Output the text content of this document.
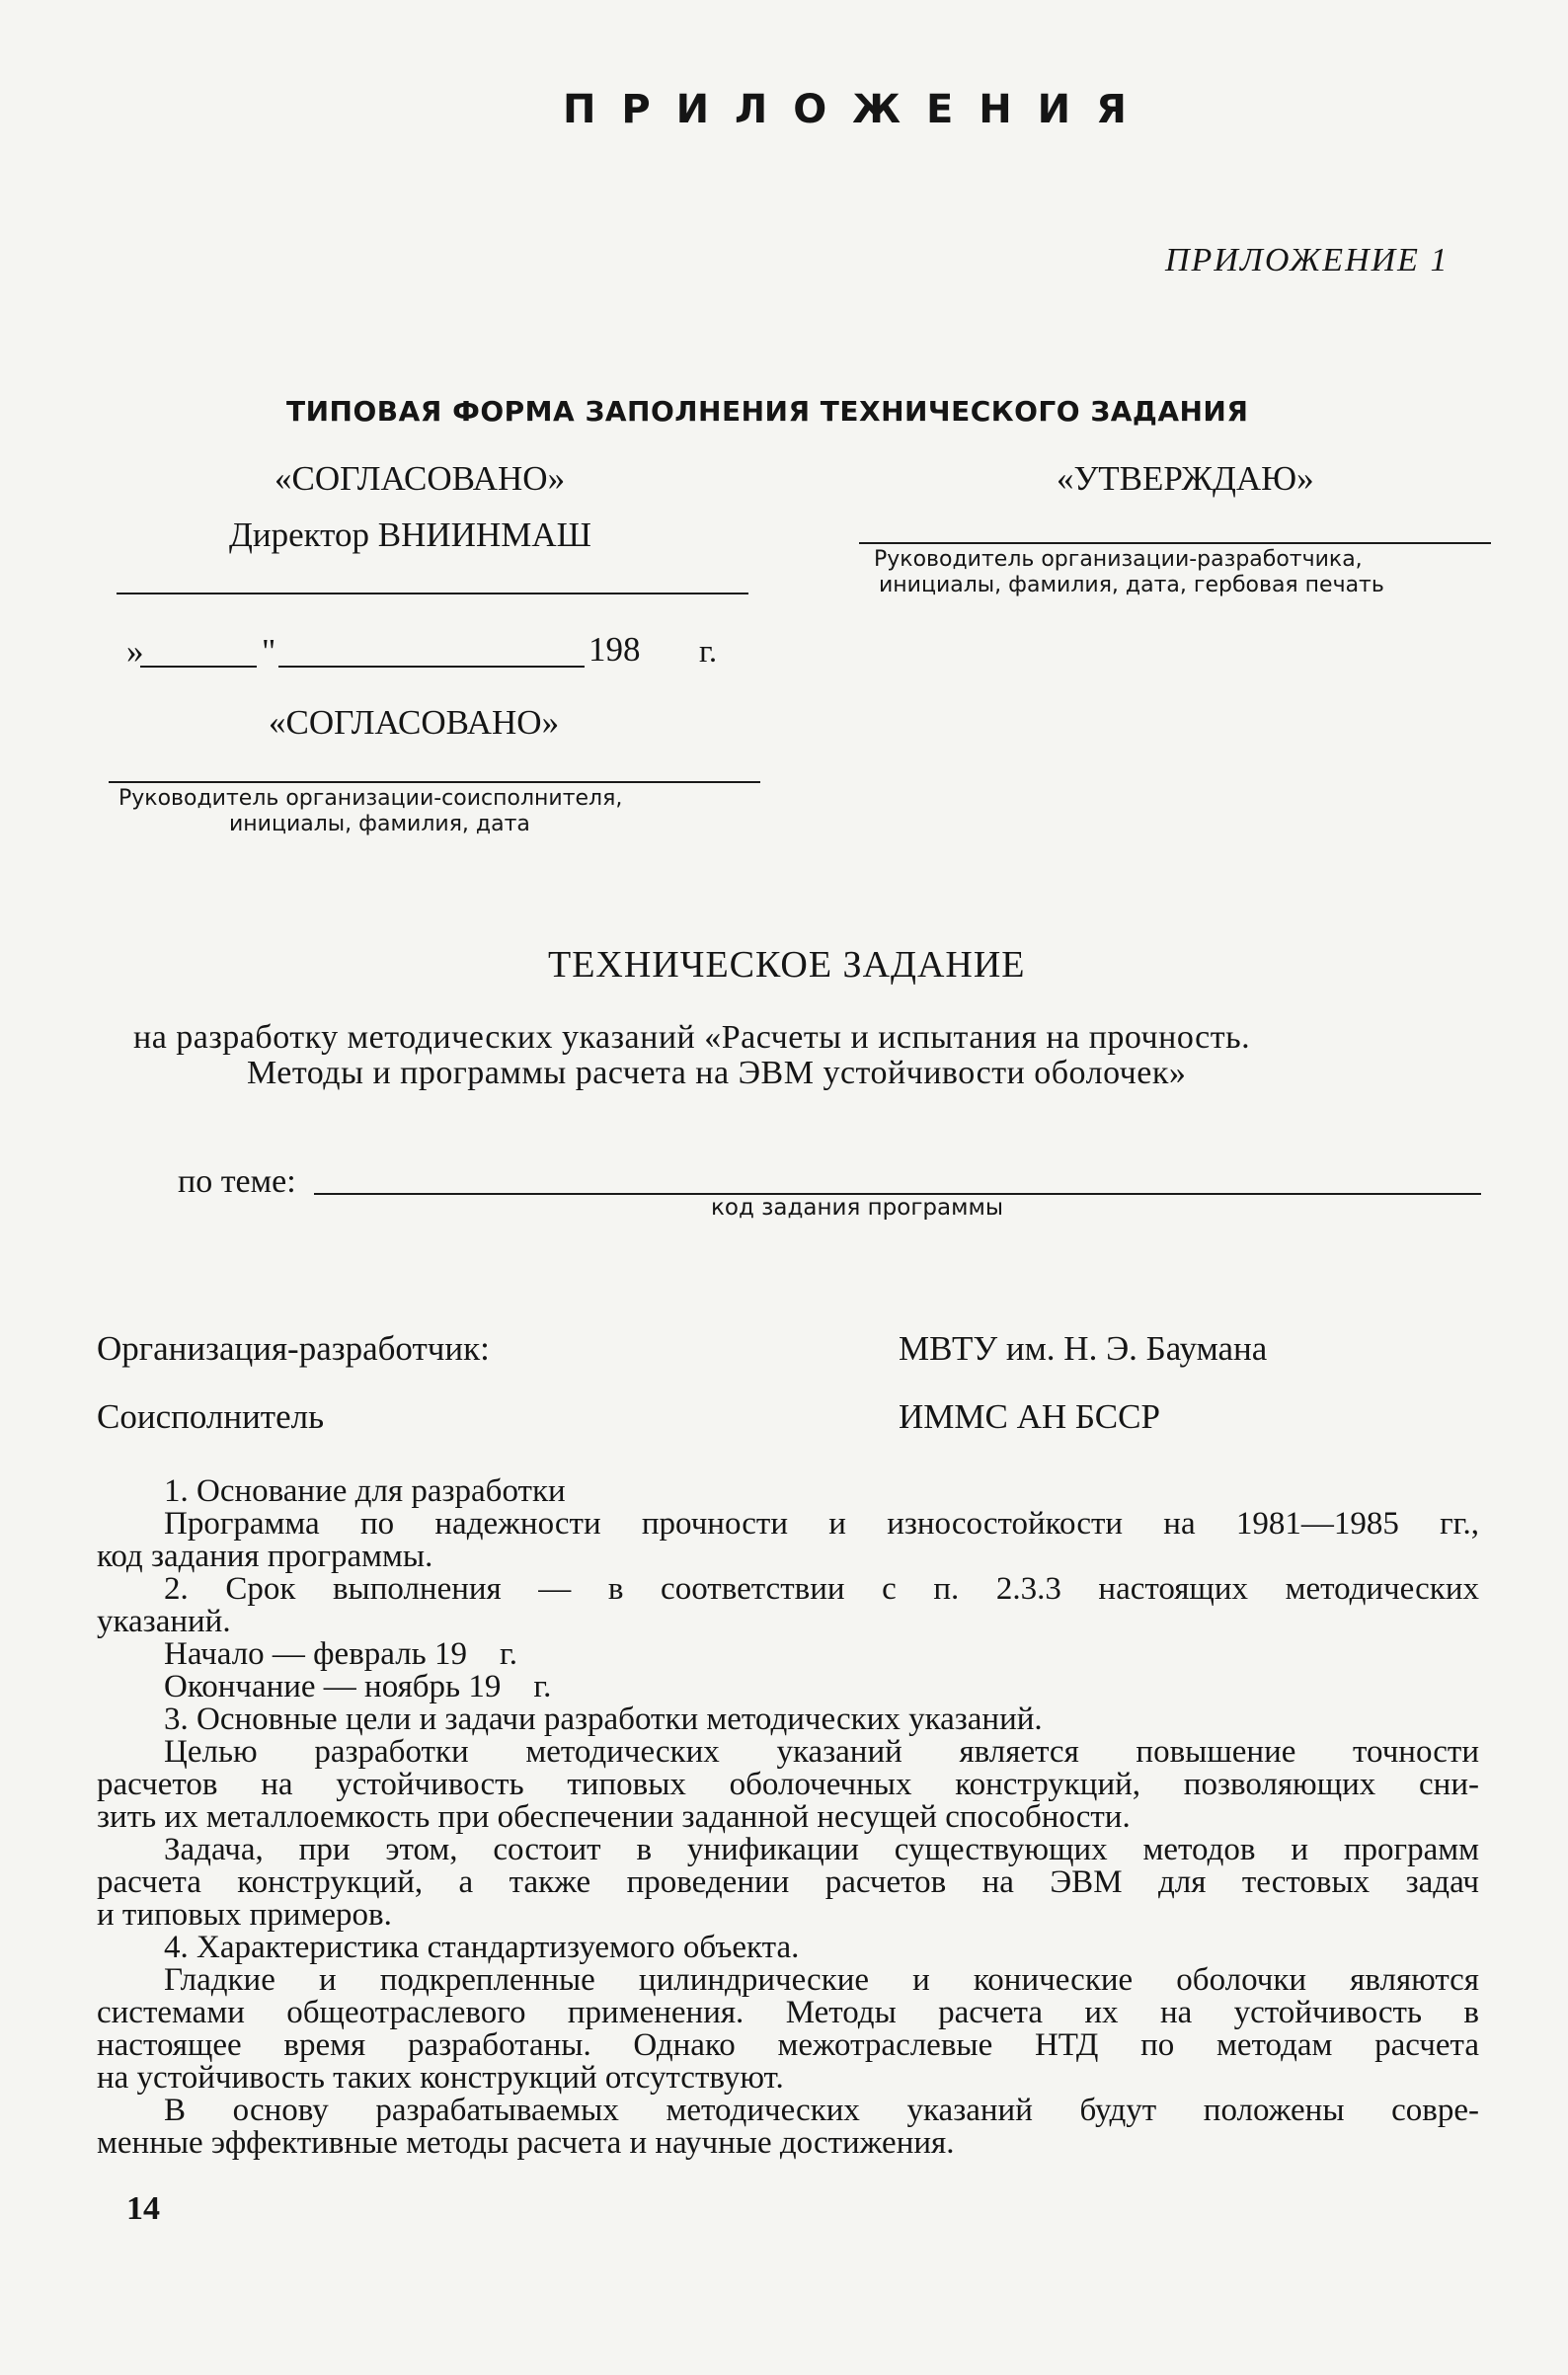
П Р И Л О Ж Е Н И Я
ПРИЛОЖЕНИЕ 1
ТИПОВАЯ ФОРМА ЗАПОЛНЕНИЯ ТЕХНИЧЕСКОГО ЗАДАНИЯ
«СОГЛАСОВАНО»
Директор ВНИИНМАШ
»	"	198 г.
«СОГЛАСОВАНО»
Руководитель организации-соисполнителя,
инициалы, фамилия, дата
«УТВЕРЖДАЮ»
Руководитель организации-разработчика,
инициалы, фамилия, дата, гербовая печать
ТЕХНИЧЕСКОЕ ЗАДАНИЕ
на разработку методических указаний «Расчеты и испытания на прочность.
Методы и программы расчета на ЭВМ устойчивости оболочек»
по теме:
код задания программы
Организация-разработчик:	МВТУ им. Н. Э. Баумана
Соисполнитель	ИММС АН БССР

1. Основание для разработки

Программа по надежности прочности и износостойкости на 1981—1985 гг.,

код задания программы.

2. Срок выполнения — в соответствии с п. 2.3.3 настоящих методических

указаний.

Начало — февраль 19    г.

Окончание — ноябрь 19    г.

3. Основные цели и задачи разработки методических указаний.

Целью разработки методических указаний является повышение точности

расчетов на устойчивость типовых оболочечных конструкций, позволяющих сни-

зить их металлоемкость при обеспечении заданной несущей способности.

Задача, при этом, состоит в унификации существующих методов и программ

расчета конструкций, а также проведении расчетов на ЭВМ для тестовых задач

и типовых примеров.

4. Характеристика стандартизуемого объекта.

Гладкие и подкрепленные цилиндрические и конические оболочки являются

системами общеотраслевого применения. Методы расчета их на устойчивость в

настоящее время разработаны. Однако межотраслевые НТД по методам расчета

на устойчивость таких конструкций отсутствуют.

В основу разрабатываемых методических указаний будут положены совре-

менные эффективные методы расчета и научные достижения.

14
